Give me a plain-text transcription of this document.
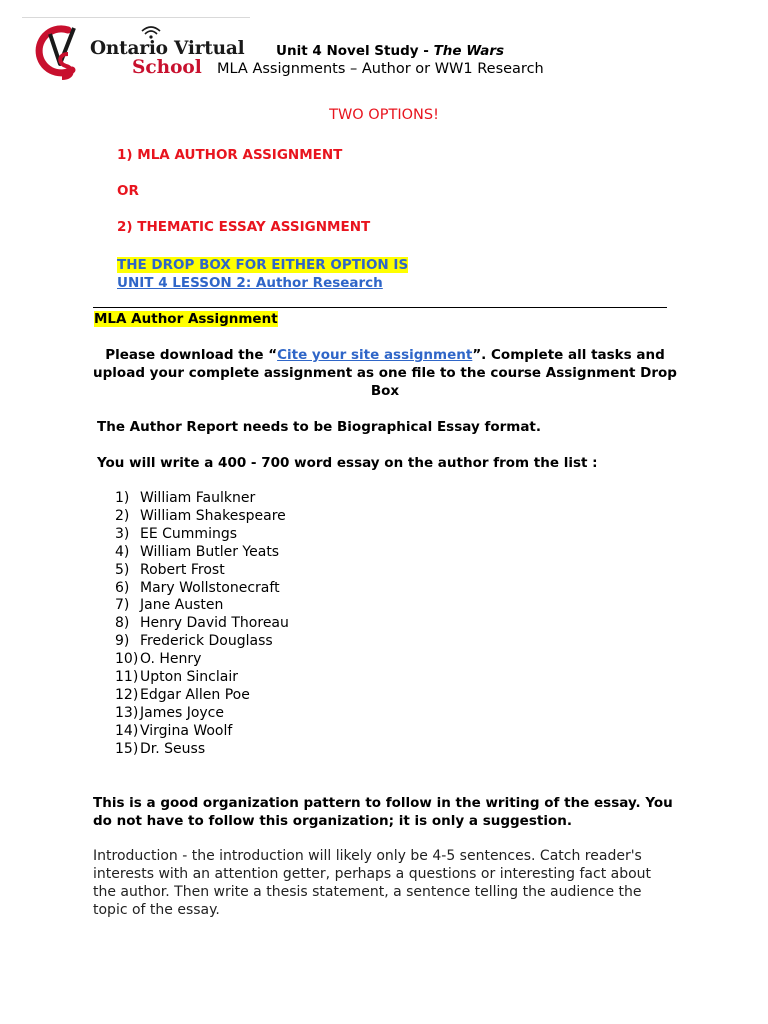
Ontario Virtual
School
Unit 4 Novel Study - The Wars
MLA Assignments – Author or WW1 Research
TWO OPTIONS!
1) MLA AUTHOR ASSIGNMENT
OR
2) THEMATIC ESSAY ASSIGNMENT
THE DROP BOX FOR EITHER OPTION IS
UNIT 4 LESSON 2: Author Research
MLA Author Assignment
Please download the “Cite your site assignment”. Complete all tasks and upload your complete assignment as one file to the course Assignment Drop Box
The Author Report needs to be Biographical Essay format.
You will write a 400 - 700 word essay on the author from the list :
1) William Faulkner
2) William Shakespeare
3) EE Cummings
4) William Butler Yeats
5) Robert Frost
6) Mary Wollstonecraft
7) Jane Austen
8) Henry David Thoreau
9) Frederick Douglass
10) O. Henry
11) Upton Sinclair
12) Edgar Allen Poe
13) James Joyce
14) Virgina Woolf
15) Dr. Seuss
This is a good organization pattern to follow in the writing of the essay. You do not have to follow this organization; it is only a suggestion.
Introduction - the introduction will likely only be 4-5 sentences. Catch reader's interests with an attention getter, perhaps a questions or interesting fact about the author. Then write a thesis statement, a sentence telling the audience the topic of the essay.
